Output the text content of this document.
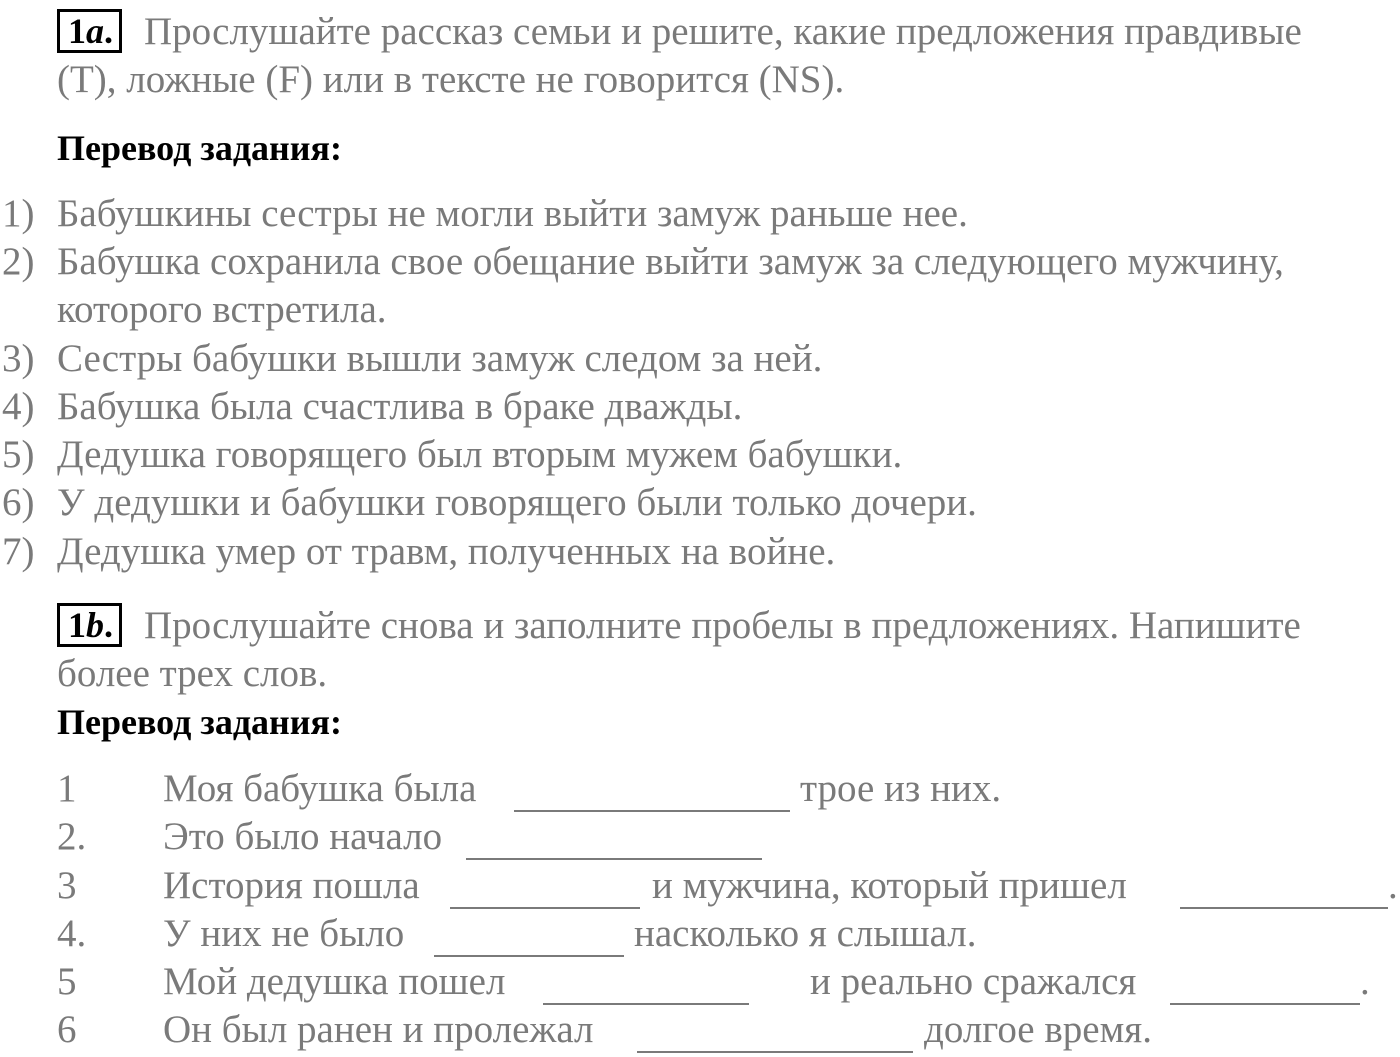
1a. Прослушайте рассказ семьи и решите, какие предложения правдивые
(T), ложные (F) или в тексте не говорится (NS).
Перевод задания:
1) Бабушкины сестры не могли выйти замуж раньше нее.
2) Бабушка сохранила свое обещание выйти замуж за следующего мужчину,
которого встретила.
3) Сестры бабушки вышли замуж следом за ней.
4) Бабушка была счастлива в браке дважды.
5) Дедушка говорящего был вторым мужем бабушки.
6) У дедушки и бабушки говорящего были только дочери.
7) Дедушка умер от травм, полученных на войне.
1b. Прослушайте снова и заполните пробелы в предложениях. Напишите
более трех слов.
Перевод задания:
1 Моя бабушка была	трое из них.
2. Это было начало
3 История пошла	и мужчина, который пришел	.
4. У них не было	насколько я слышал.
5 Мой дедушка пошел	и реально сражался	.
6 Он был ранен и пролежал	долгое время.
